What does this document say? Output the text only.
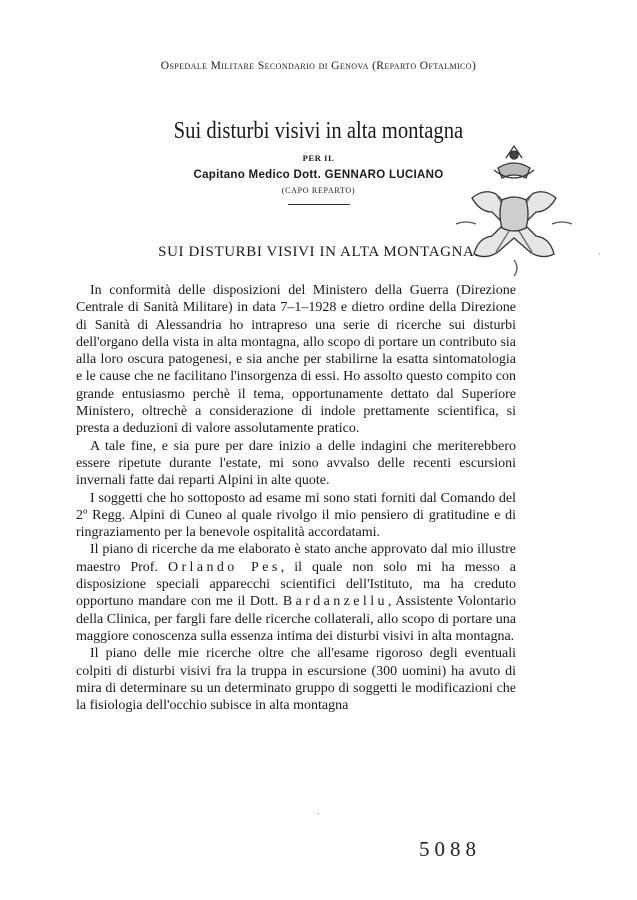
Ospedale Militare Secondario di Genova (Reparto Oftalmico)
Sui disturbi visivi in alta montagna
PER IL
Capitano Medico Dott. GENNARO LUCIANO
(CAPO REPARTO)
SUI DISTURBI VISIVI IN ALTA MONTAGNA.

In conformità delle disposizioni del Ministero della Guerra (Direzione Centrale di Sanità Militare) in data 7–1–1928 e dietro ordine della Direzione di Sanità di Alessandria ho intrapreso una serie di ricerche sui disturbi dell'organo della vista in alta montagna, allo scopo di portare un contributo sia alla loro oscura patogenesi, e sia anche per stabilirne la esatta sintomatologia e le cause che ne facilitano l'insorgenza di essi. Ho assolto questo compito con grande entusiasmo perchè il tema, opportunamente dettato dal Superiore Ministero, oltrechè a considerazione di indole prettamente scientifica, si presta a deduzioni di valore assolutamente pratico.

A tale fine, e sia pure per dare inizio a delle indagini che meriterebbero essere ripetute durante l'estate, mi sono avvalso delle recenti escursioni invernali fatte dai reparti Alpini in alte quote.

I soggetti che ho sottoposto ad esame mi sono stati forniti dal Comando del 2º Regg. Alpini di Cuneo al quale rivolgo il mio pensiero di gratitudine e di ringraziamento per la benevole ospitalità accordatami.

Il piano di ricerche da me elaborato è stato anche approvato dal mio illustre maestro Prof. Orlando Pes, il quale non solo mi ha messo a disposizione speciali apparecchi scientifici dell'Istituto, ma ha creduto opportuno mandare con me il Dott. Bardanzellu, Assistente Volontario della Clinica, per fargli fare delle ricerche collaterali, allo scopo di portare una maggiore conoscenza sulla essenza intima dei disturbi visivi in alta montagna.

Il piano delle mie ricerche oltre che all'esame rigoroso degli eventuali colpiti di disturbi visivi fra la truppa in escursione (300 uomini) ha avuto di mira di determinare su un determinato gruppo di soggetti le modificazioni che la fisiologia dell'occhio subisce in alta montagna

ˈ
·
5088
